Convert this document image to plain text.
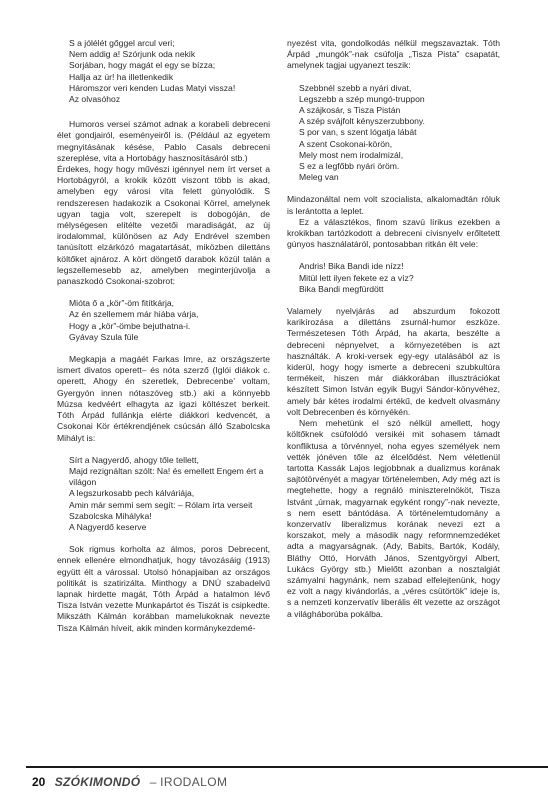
S a jólélét gőggel arcul veri;
Nem addig a! Szórjunk oda nekik
Sorjában, hogy magát el egy se bízza;
Hallja az úr! ha illetlenkedik
Háromszor veri kenden Ludas Matyi vissza!
Az olvasóhoz

Humoros versei számot adnak a korabeli debreceni élet gondjairól, eseményeiről is. (Például az egyetem megnyitásának késése, Pablo Casals debreceni szereplése, vita a Hortobágy hasznosításáról stb.)

Érdekes, hogy hogy művészi igénnyel nem írt verset a Hortobágyról, a krokik között viszont több is akad, amelyben egy városi vita felett gúnyolódik. S rendszeresen hadakozik a Csokonai Körrel, amelynek ugyan tagja volt, szerepelt is dobogóján, de mélységesen elítélte vezetői maradiságát, az új irodalommal, különösen az Ady Endrével szemben tanúsított elzárkózó magatartását, miközben dilettáns költőket ajnároz. A kört döngető darabok közül talán a legszellemesebb az, amelyben meginterjúvolja a panaszkodó Csokonai-szobrot:

Mióta ő a „kör”-öm fitítkárja,
Az én szellemem már hiába várja,
Hogy a „kör”-ömbe bejuthatna-i.
Gyávay Szula füle

Megkapja a magáét Farkas Imre, az országszerte ismert divatos operett– és nóta szerző (Iglói diákok c. operett, Ahogy én szeretlek, Debrecenbe’ voltam, Gyergyón innen nótaszóveg stb.) aki a könnyebb Múzsa kedvéért elhagyta az igazi költészet berkeit. Tóth Árpád fullánkja elérte diákkori kedvencét, a Csokonai Kör értékrendjének csúcsán álló Szabolcska Mihályt is:

Sírt a Nagyerdő, ahogy tőle tellett,
Majd rezignáltan szólt: Na! és emellett Engem ért a világon
A legszurkosabb pech kálváriája,
Amin már semmi sem segít: – Rólam írta verseit Szabolcska Mihálykа!
A Nagyerdő keserve

Sok rigmus korholta az álmos, poros Debrecent, ennek ellenére elmondhatjuk, hogy távozásáig (1913) együtt élt a várossal. Utolsó hónapjaiban az országos politikát is szatirizálta. Minthogy a DNÚ szabadelvű lapnak hirdette magát, Tóth Árpád a hatalmon lévő Tisza István vezette Munkapártot és Tiszát is csipkedte. Mikszáth Kálmán korábban mamelukoknak nevezte Tisza Kálmán híveit, akik minden kormánykezdemé-

nyezést vita, gondolkodás nélkül megszavaztak. Tóth Árpád „mungók”-nak csúfolja „Tisza Pista” csapatát, amelynek tagjai ugyanezt teszik:

Szebbnél szebb a nyári divat,
Legszebb a szép mungó-truppon
A szájkosár, s Tisza Pistán
A szép svájfolt kényszerzubbony.
S por van, s szent lógatja lábát
A szent Csokonai-körön,
Mely most nem irodalmizál,
S ez a legfőbb nyári öröm.
Meleg van

Mindazonáltal nem volt szocialista, alkalomadtán róluk is lerántotta a leplet.

Ez a választékos, finom szavú lírikus ezekben a krokikban tartózkodott a debreceni cívisnyelv erőltetett gúnyos használatáról, pontosabban ritkán élt vele:

Andris! Bika Bandi ide nízz!
Mitül lett ilyen fekete ez a víz?
Bika Bandi megfürdött

Valamely nyelvjárás ad abszurdum fokozott karikírozása a dilettáns zsurnál-humor eszköze. Természetesen Tóth Árpád, ha akarta, beszélte a debreceni népnyelvet, a környezetében is azt használták. A kroki-versek egy-egy utalásából az is kiderül, hogy hogy ismerte a debreceni szubkultúra termékeit, hiszen már diákkorában illusztrációkat készített Simon István egyik Bugyi Sándor-könyvéhez, amely bár kétes irodalmi értékű, de kedvelt olvasmány volt Debrecenben és környékén.

Nem mehetünk el szó nélkül amellett, hogy költőknek csúfolódó versikéi mit sohasem támadt konfliktusa a törvénnyel, noha egyes személyek nem vették jónéven tőle az élcelődést. Nem véletlenül tartotta Kassák Lajos legjobbnak a dualizmus korának sajtótörvényét a magyar történelemben, Ady még azt is megtehette, hogy a regnáló miniszterelnököt, Tisza Istvánt „úrnak, magyarnak egyként rongy”-nak nevezte, s nem esett bántódása. A történelemtudomány a konzervatív liberalizmus korának nevezi ezt a korszakot, mely a második nagy reformnemzedéket adta a magyarságnak. (Ady, Babits, Bartók, Kodály, Bláthy Ottó, Horváth János, Szentgyörgyi Albert, Lukács György stb.) Mielőtt azonban a nosztalgiát számyalni hagynánk, nem szabad elfelejtenünk, hogy ez volt a nagy kivándorlás, a „véres csütörtök” ideje is, s a nemzeti konzervatív liberális élt vezette az országot a világháborúba pokálba.

20 SZÓKIMONDÓ – IRODALOM
